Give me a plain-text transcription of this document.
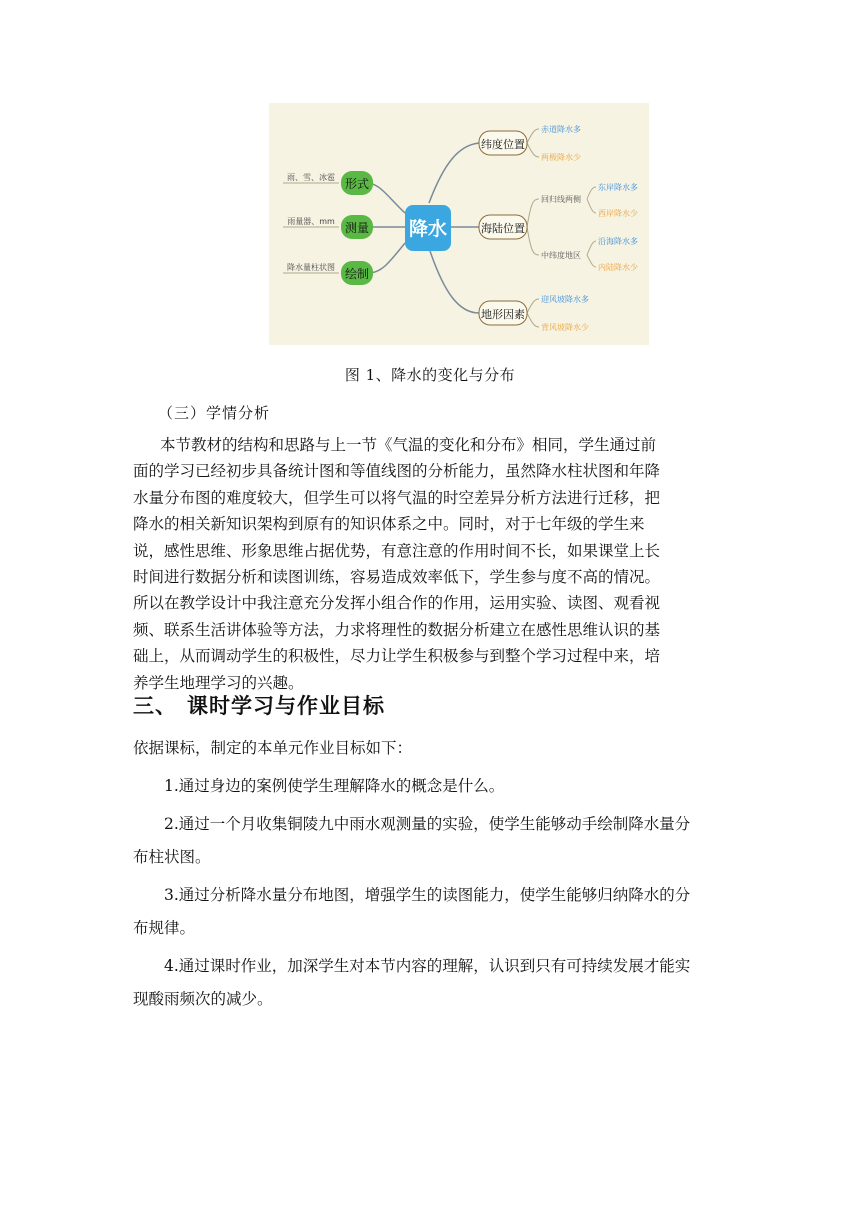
降水
形式
雨、雪、冰雹
测量
雨量器、mm
绘制
降水量柱状图
纬度位置
海陆位置
地形因素
赤道降水多
两极降水少
回归线两侧
中纬度地区
东岸降水多
西岸降水少
沿海降水多
内陆降水少
迎风坡降水多
背风坡降水少
图 1、降水的变化与分布
（三）学情分析
本节教材的结构和思路与上一节《气温的变化和分布》相同，学生通过前
面的学习已经初步具备统计图和等值线图的分析能力，虽然降水柱状图和年降
水量分布图的难度较大，但学生可以将气温的时空差异分析方法进行迁移，把
降水的相关新知识架构到原有的知识体系之中。同时，对于七年级的学生来
说，感性思维、形象思维占据优势，有意注意的作用时间不长，如果课堂上长
时间进行数据分析和读图训练，容易造成效率低下，学生参与度不高的情况。
所以在教学设计中我注意充分发挥小组合作的作用，运用实验、读图、观看视
频、联系生活讲体验等方法，力求将理性的数据分析建立在感性思维认识的基
础上，从而调动学生的积极性，尽力让学生积极参与到整个学习过程中来，培
养学生地理学习的兴趣。
三、 课时学习与作业目标
依据课标，制定的本单元作业目标如下：
1.通过身边的案例使学生理解降水的概念是什么。
2.通过一个月收集铜陵九中雨水观测量的实验，使学生能够动手绘制降水量分
布柱状图。
3.通过分析降水量分布地图，增强学生的读图能力，使学生能够归纳降水的分
布规律。
4.通过课时作业，加深学生对本节内容的理解，认识到只有可持续发展才能实
现酸雨频次的减少。
